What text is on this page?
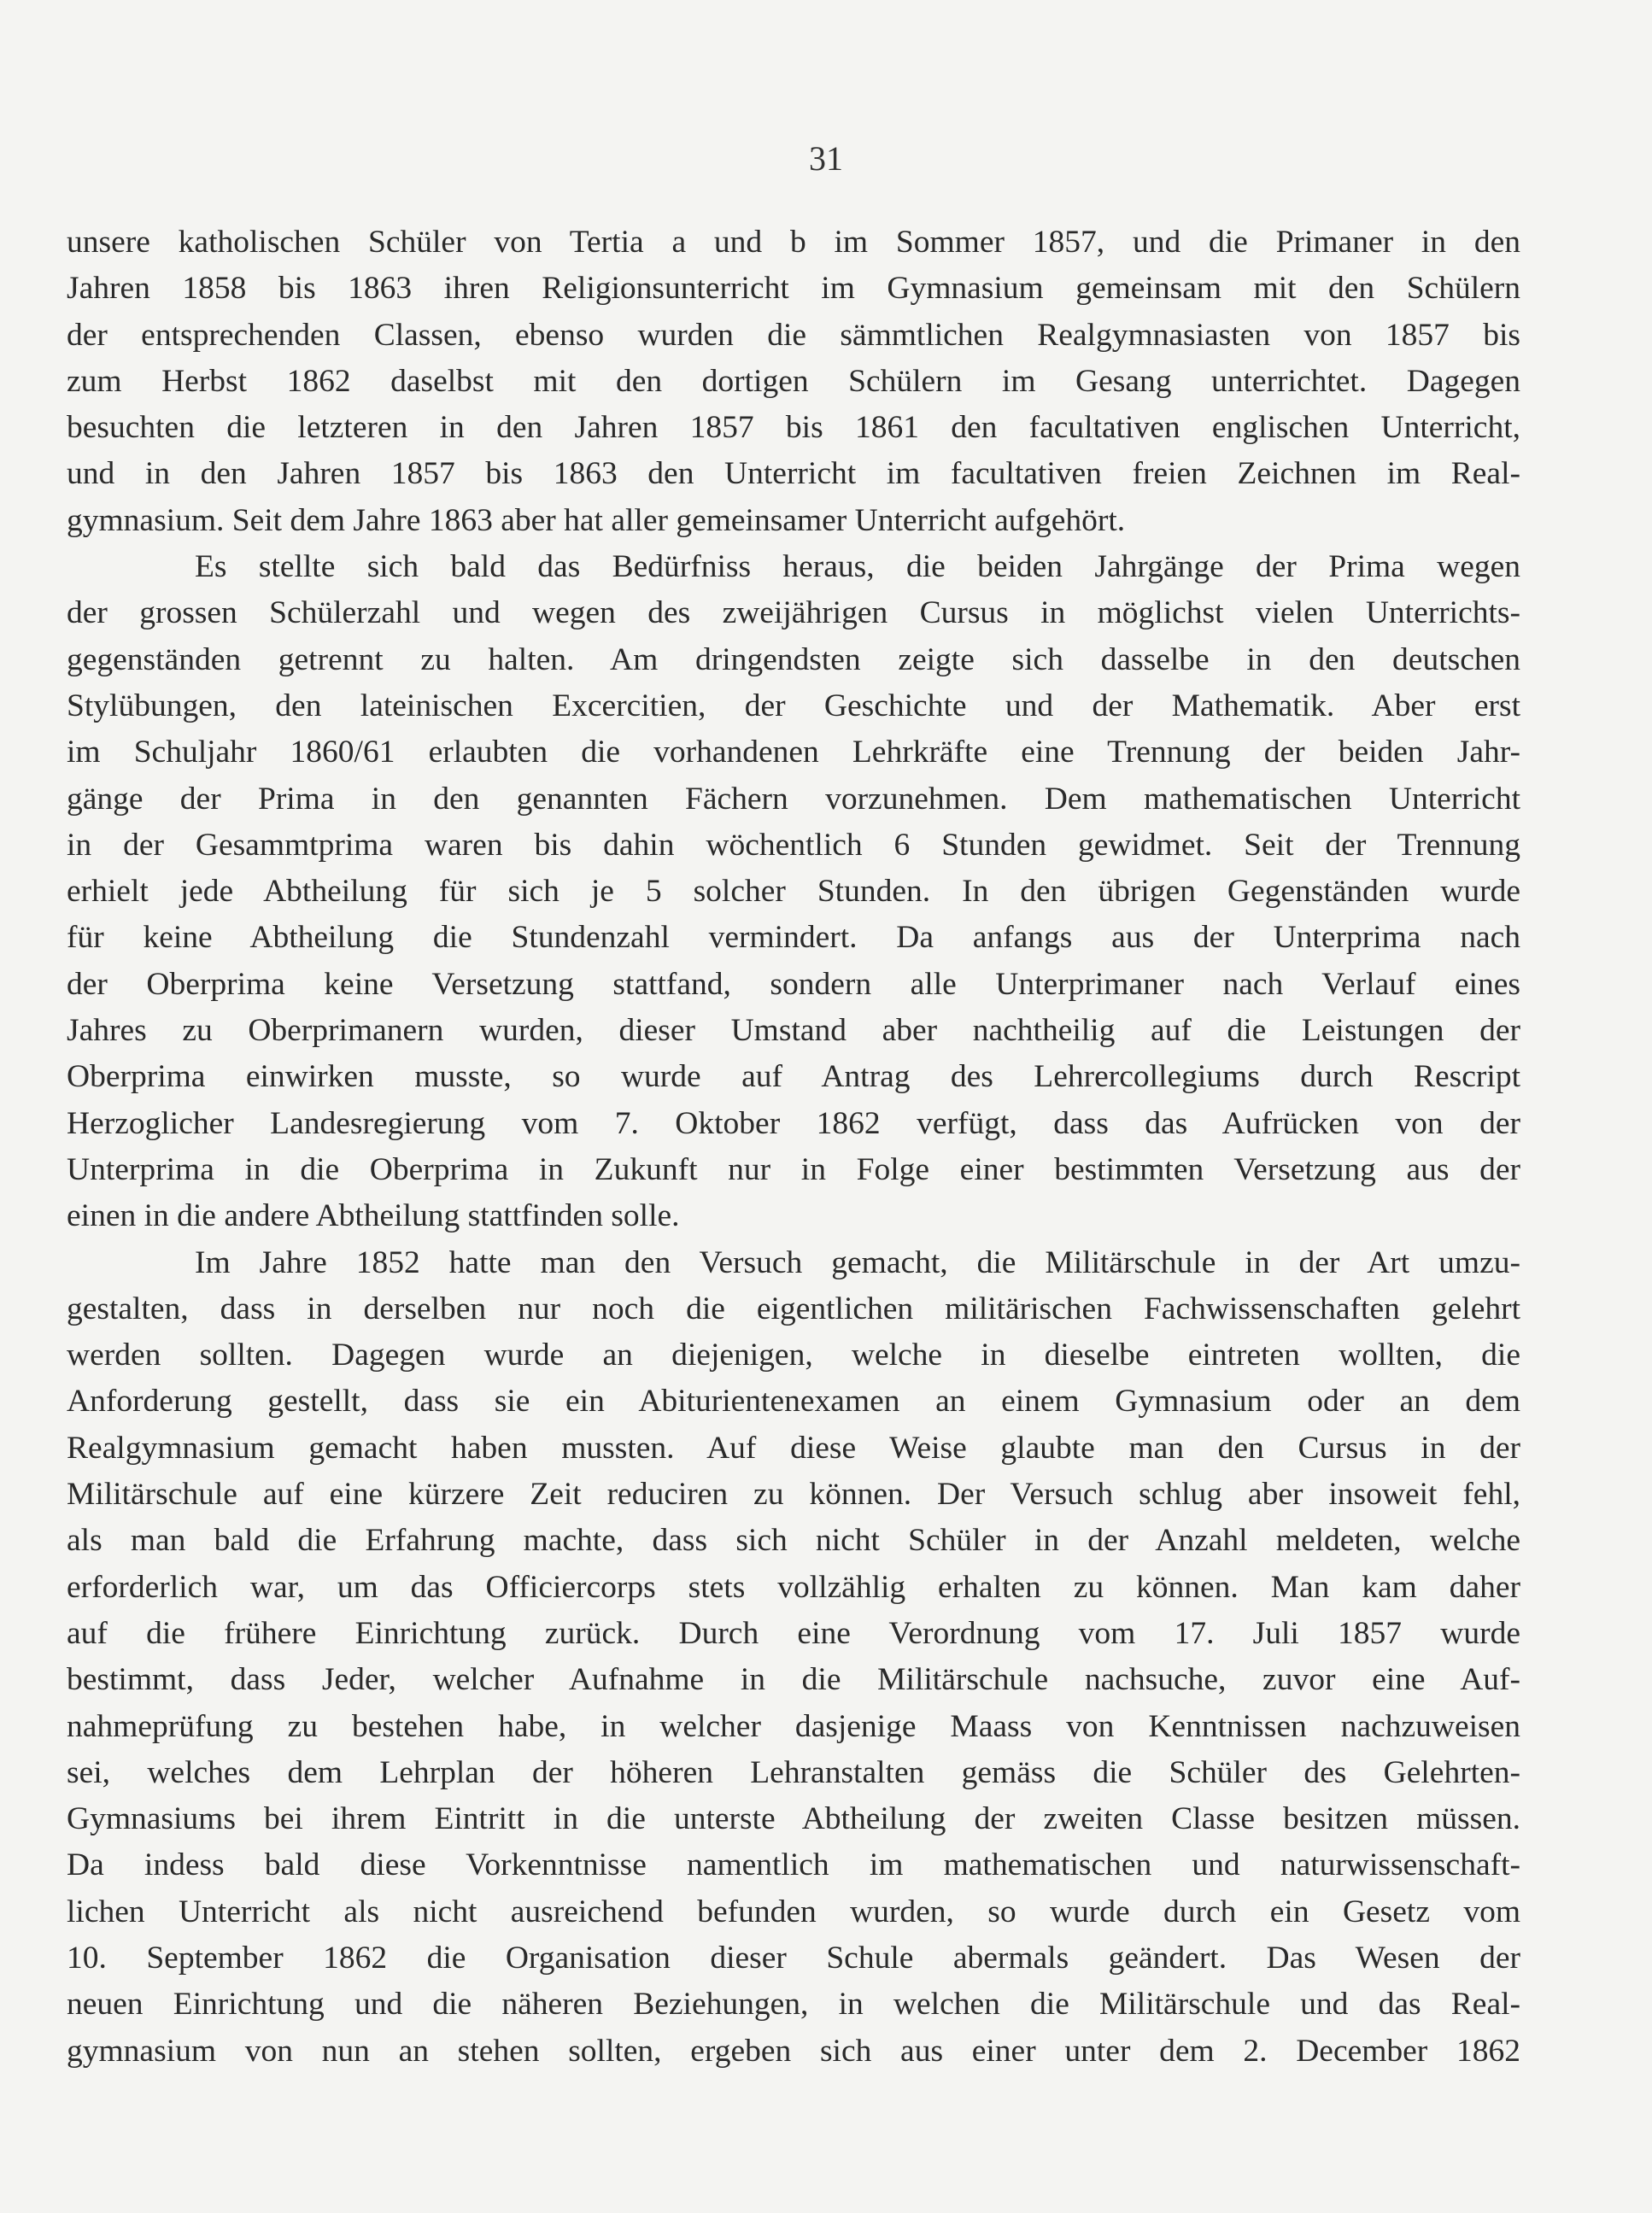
31
unsere katholischen Schüler von Tertia a und b im Sommer 1857, und die Primaner in den
Jahren 1858 bis 1863 ihren Religionsunterricht im Gymnasium gemeinsam mit den Schülern
der entsprechenden Classen, ebenso wurden die sämmtlichen Realgymnasiasten von 1857 bis
zum Herbst 1862 daselbst mit den dortigen Schülern im Gesang unterrichtet. Dagegen
besuchten die letzteren in den Jahren 1857 bis 1861 den facultativen englischen Unterricht,
und in den Jahren 1857 bis 1863 den Unterricht im facultativen freien Zeichnen im Real-
gymnasium. Seit dem Jahre 1863 aber hat aller gemeinsamer Unterricht aufgehört.
Es stellte sich bald das Bedürfniss heraus, die beiden Jahrgänge der Prima wegen
der grossen Schülerzahl und wegen des zweijährigen Cursus in möglichst vielen Unterrichts-
gegenständen getrennt zu halten. Am dringendsten zeigte sich dasselbe in den deutschen
Stylübungen, den lateinischen Excercitien, der Geschichte und der Mathematik. Aber erst
im Schuljahr 1860/61 erlaubten die vorhandenen Lehrkräfte eine Trennung der beiden Jahr-
gänge der Prima in den genannten Fächern vorzunehmen. Dem mathematischen Unterricht
in der Gesammtprima waren bis dahin wöchentlich 6 Stunden gewidmet. Seit der Trennung
erhielt jede Abtheilung für sich je 5 solcher Stunden. In den übrigen Gegenständen wurde
für keine Abtheilung die Stundenzahl vermindert. Da anfangs aus der Unterprima nach
der Oberprima keine Versetzung stattfand, sondern alle Unterprimaner nach Verlauf eines
Jahres zu Oberprimanern wurden, dieser Umstand aber nachtheilig auf die Leistungen der
Oberprima einwirken musste, so wurde auf Antrag des Lehrercollegiums durch Rescript
Herzoglicher Landesregierung vom 7. Oktober 1862 verfügt, dass das Aufrücken von der
Unterprima in die Oberprima in Zukunft nur in Folge einer bestimmten Versetzung aus der
einen in die andere Abtheilung stattfinden solle.
Im Jahre 1852 hatte man den Versuch gemacht, die Militärschule in der Art umzu-
gestalten, dass in derselben nur noch die eigentlichen militärischen Fachwissenschaften gelehrt
werden sollten. Dagegen wurde an diejenigen, welche in dieselbe eintreten wollten, die
Anforderung gestellt, dass sie ein Abiturientenexamen an einem Gymnasium oder an dem
Realgymnasium gemacht haben mussten. Auf diese Weise glaubte man den Cursus in der
Militärschule auf eine kürzere Zeit reduciren zu können. Der Versuch schlug aber insoweit fehl,
als man bald die Erfahrung machte, dass sich nicht Schüler in der Anzahl meldeten, welche
erforderlich war, um das Officiercorps stets vollzählig erhalten zu können. Man kam daher
auf die frühere Einrichtung zurück. Durch eine Verordnung vom 17. Juli 1857 wurde
bestimmt, dass Jeder, welcher Aufnahme in die Militärschule nachsuche, zuvor eine Auf-
nahmeprüfung zu bestehen habe, in welcher dasjenige Maass von Kenntnissen nachzuweisen
sei, welches dem Lehrplan der höheren Lehranstalten gemäss die Schüler des Gelehrten-
Gymnasiums bei ihrem Eintritt in die unterste Abtheilung der zweiten Classe besitzen müssen.
Da indess bald diese Vorkenntnisse namentlich im mathematischen und naturwissenschaft-
lichen Unterricht als nicht ausreichend befunden wurden, so wurde durch ein Gesetz vom
10. September 1862 die Organisation dieser Schule abermals geändert. Das Wesen der
neuen Einrichtung und die näheren Beziehungen, in welchen die Militärschule und das Real-
gymnasium von nun an stehen sollten, ergeben sich aus einer unter dem 2. December 1862
